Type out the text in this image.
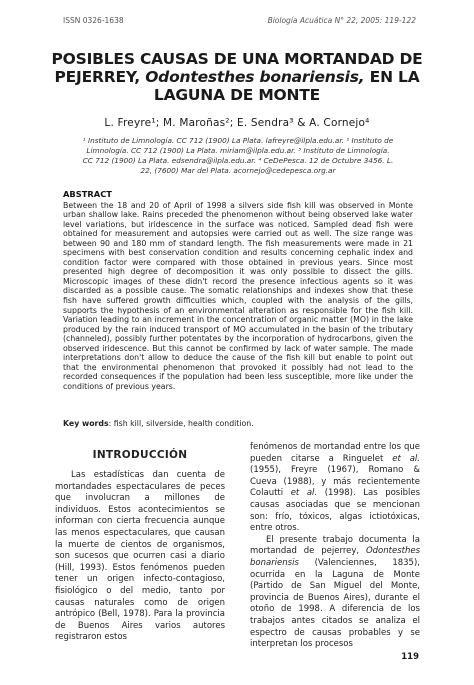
ISSN 0326-1638	Biología Acuática N° 22, 2005: 119-122
POSIBLES CAUSAS DE UNA MORTANDAD DE
PEJERREY, Odontesthes bonariensis, EN LA
LAGUNA DE MONTE
L. Freyre¹; M. Maroñas²; E. Sendra³ & A. Cornejo⁴
¹ Instituto de Limnología. CC 712 (1900) La Plata. lafreyre@ilpla.edu.ar. ² Instituto de Limnología. CC 712 (1900) La Plata. miriam@ilpla.edu.ar. ³ Instituto de Limnología. CC 712 (1900) La Plata. edsendra@ilpla.edu.ar. ⁴ CeDePesca. 12 de Octubre 3456. L. 22, (7600) Mar del Plata. acornejo@cedepesca.org.ar
ABSTRACT

Between the 18 and 20 of April of 1998 a silvers side fish kill was observed in Monte urban shallow lake. Rains preceded the phenomenon without being observed lake water level variations, but iridescence in the surface was noticed. Sampled dead fish were obtained for measurement and autopsies were carried out as well. The size range was between 90 and 180 mm of standard length. The fish measurements were made in 21 specimens with best conservation condition and results concerning cephalic index and condition factor were compared with those obtained in previous years. Since most presented high degree of decomposition it was only possible to dissect the gills. Microscopic images of these didn't record the presence infectious agents so it was discarded as a possible cause. The somatic relationships and indexes show that these fish have suffered growth difficulties which, coupled with the analysis of the gills, supports the hypothesis of an environmental alteration as responsible for the fish kill. Variation leading to an increment in the concentration of organic matter (MO) in the lake produced by the rain induced transport of MO accumulated in the basin of the tributary (channeled), possibly further potentates by the incorporation of hydrocarbons, given the observed iridescence. But this cannot be confirmed by lack of water sample. The made interpretations don't allow to deduce the cause of the fish kill but enable to point out that the environmental phenomenon that provoked it possibly had not lead to the recorded consequences if the population had been less susceptible, more like under the conditions of previous years.

Key words: fish kill, silverside, health condition.
INTRODUCCIÓN

Las estadísticas dan cuenta de mortandades espectaculares de peces que involucran a millones de individuos. Estos acontecimientos se informan con cierta frecuencia aunque las menos espectaculares, que causan la muerte de cientos de organismos, son sucesos que ocurren casi a diario (Hill, 1993). Estos fenómenos pueden tener un origen infecto-contagioso, fisiológico o del medio, tanto por causas naturales como de origen antrópico (Bell, 1978). Para la provincia de Buenos Aires varios autores registraron estos

fenómenos de mortandad entre los que pueden citarse a Ringuelet et al. (1955), Freyre (1967), Romano & Cueva (1988), y más recientemente Colautti et al. (1998). Las posibles causas asociadas que se mencionan son: frío, tóxicos, algas ictiotóxicas, entre otros.

El presente trabajo documenta la mortandad de pejerrey, Odontesthes bonariensis (Valenciennes, 1835), ocurrida en la Laguna de Monte (Partido de San Miguel del Monte, provincia de Buenos Aires), durante el otoño de 1998. A diferencia de los trabajos antes citados se analiza el espectro de causas probables y se interpretan los procesos

119
